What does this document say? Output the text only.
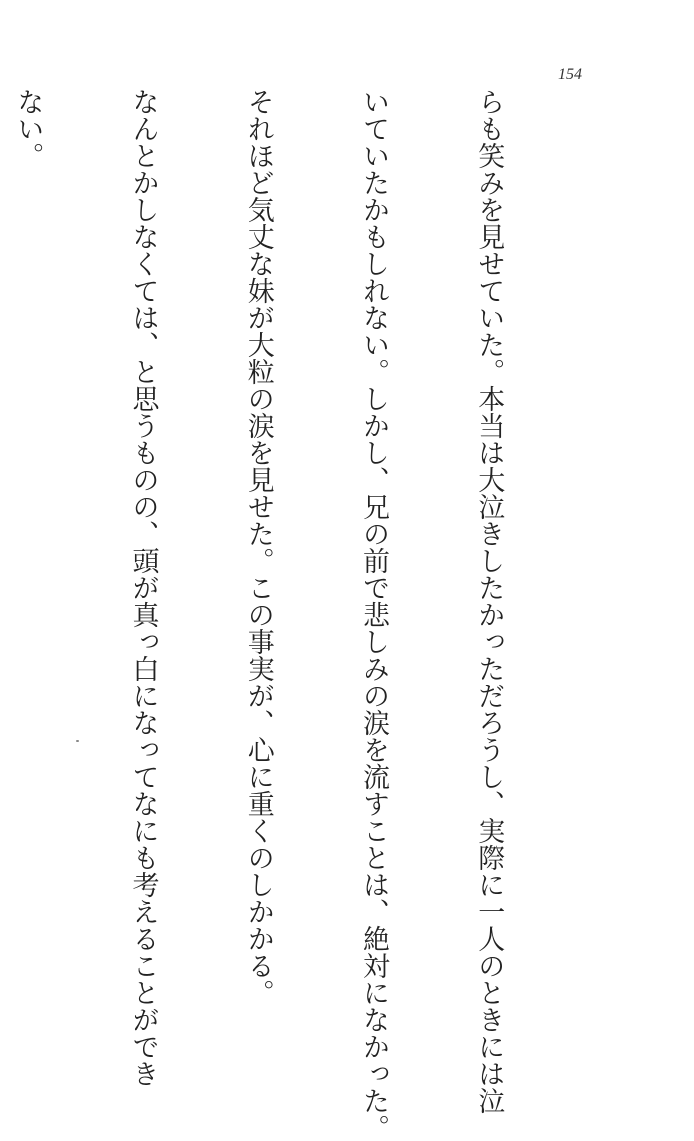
154

らも笑みを見せていた。本当は大泣きしたかっただろうし、実際に一人のときには泣

いていたかもしれない。しかし、兄の前で悲しみの涙を流すことは、絶対になかった。

それほど気丈な妹が大粒の涙を見せた。この事実が、心に重くのしかかる。

なんとかしなくては、と思うものの、頭が真っ白になってなにも考えることができ

ない。
